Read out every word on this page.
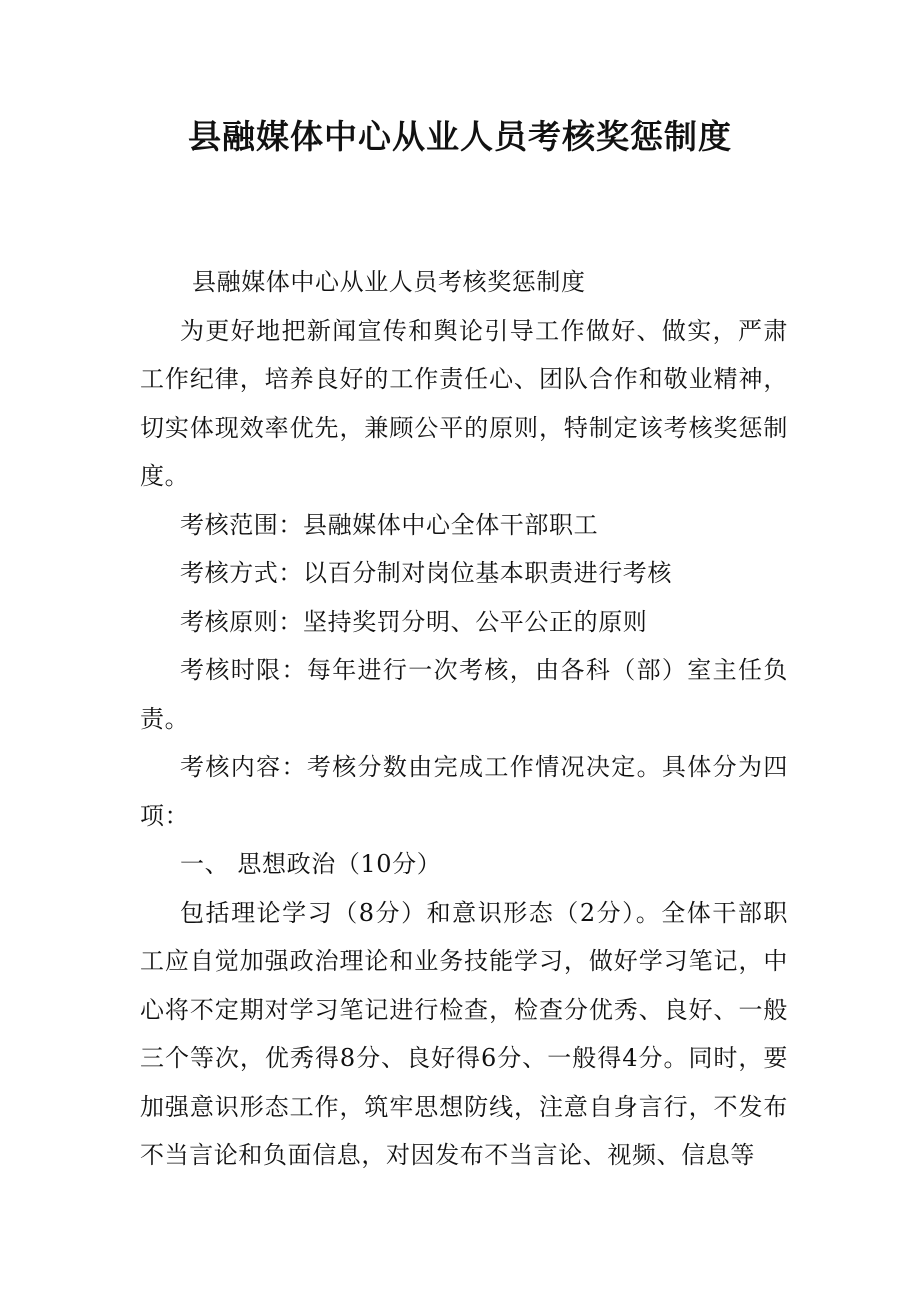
县融媒体中心从业人员考核奖惩制度

县融媒体中心从业人员考核奖惩制度

为更好地把新闻宣传和舆论引导工作做好、做实，严肃工作纪律，培养良好的工作责任心、团队合作和敬业精神，切实体现效率优先，兼顾公平的原则，特制定该考核奖惩制度。

考核范围：县融媒体中心全体干部职工

考核方式：以百分制对岗位基本职责进行考核

考核原则：坚持奖罚分明、公平公正的原则

考核时限：每年进行一次考核，由各科（部）室主任负责。

考核内容：考核分数由完成工作情况决定。具体分为四项：

一、 思想政治（10分）

包括理论学习（8分）和意识形态（2分）。全体干部职工应自觉加强政治理论和业务技能学习，做好学习笔记，中心将不定期对学习笔记进行检查，检查分优秀、良好、一般三个等次，优秀得8分、良好得6分、一般得4分。同时，要加强意识形态工作，筑牢思想防线，注意自身言行，不发布不当言论和负面信息，对因发布不当言论、视频、信息等
